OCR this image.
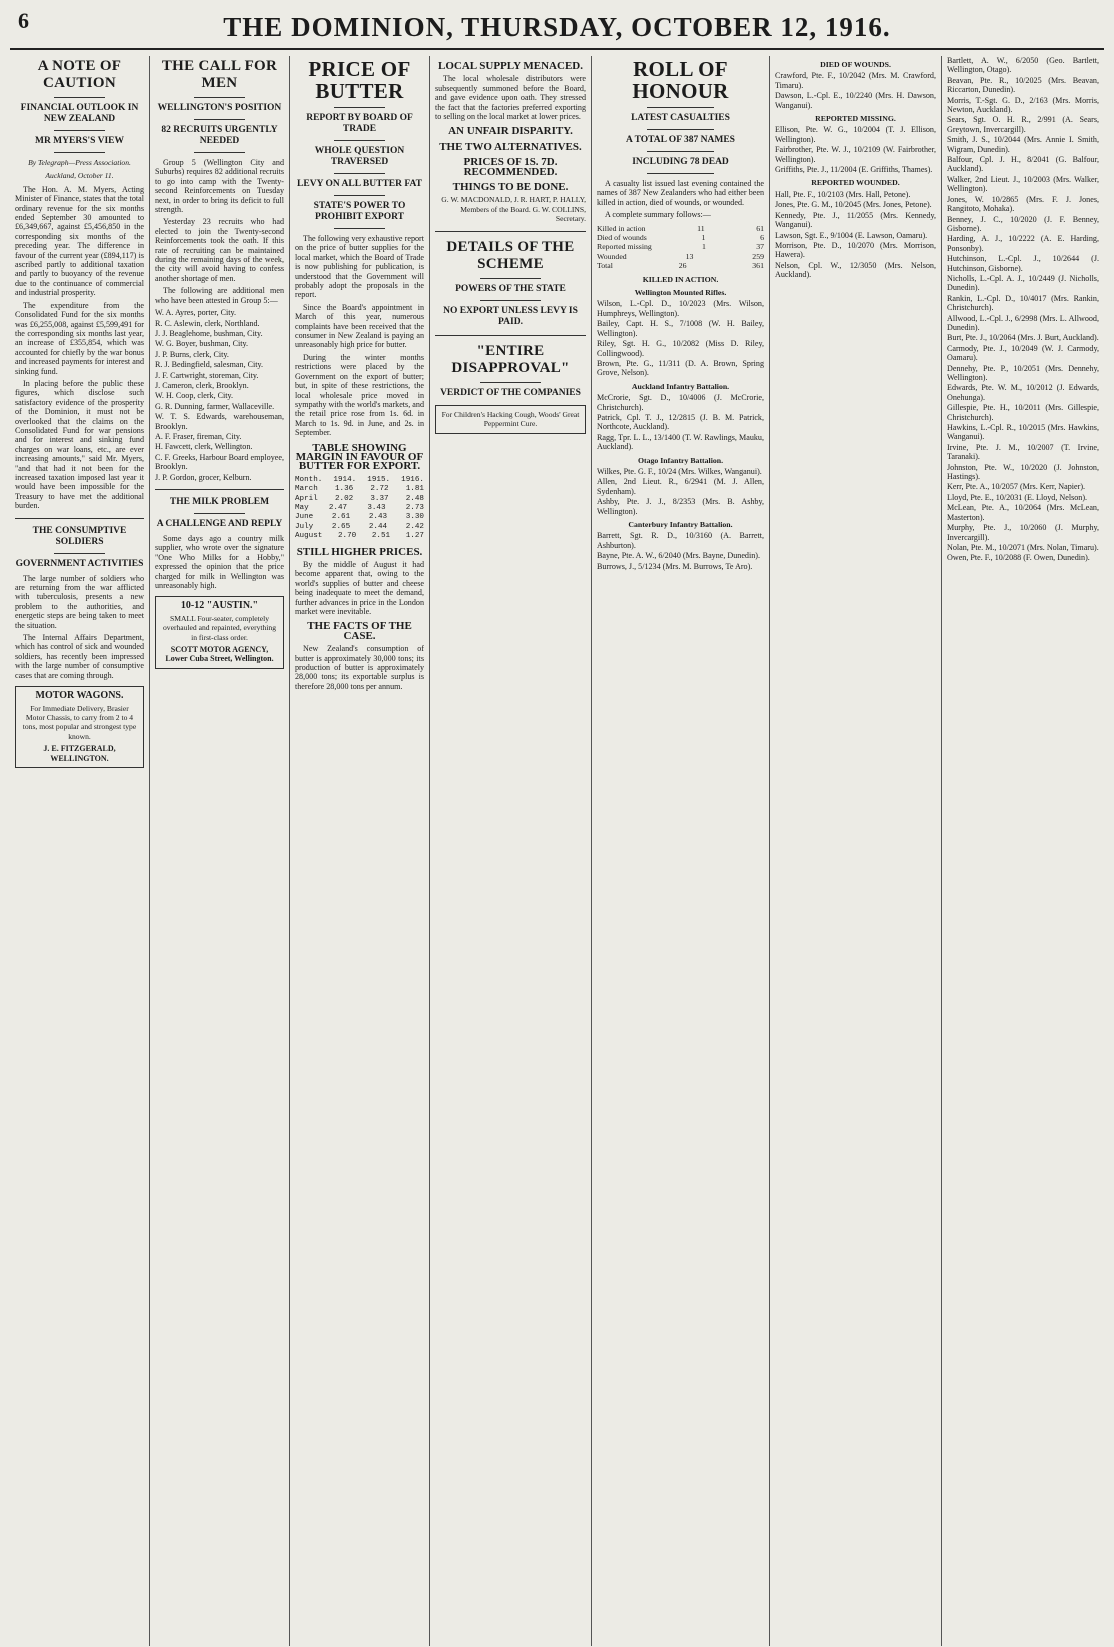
6	THE DOMINION, THURSDAY, OCTOBER 12, 1916.
A NOTE OF CAUTION
FINANCIAL OUTLOOK IN NEW ZEALAND
MR MYERS'S VIEW
By Telegraph—Press Association.
Auckland, October 11.

The Hon. A. M. Myers, Acting Minister of Finance, states that the total ordinary revenue for the six months ended September 30 amounted to £6,349,667, against £5,456,850 in the corresponding six months of the preceding year. The difference in favour of the current year (£894,117) is ascribed partly to additional taxation and partly to buoyancy of the revenue due to the continuance of commercial and industrial prosperity.

The expenditure from the Consolidated Fund for the six months was £6,255,008, against £5,599,491 for the corresponding six months last year, an increase of £355,854, which was accounted for chiefly by the war bonus and increased payments for interest and sinking fund.

In placing before the public these figures, which disclose such satisfactory evidence of the prosperity of the Dominion, it must not be overlooked that the claims on the Consolidated Fund for war pensions and for interest and sinking fund charges on war loans, etc., are ever increasing amounts," said Mr. Myers, "and that had it not been for the increased taxation imposed last year it would have been impossible for the Treasury to have met the additional burden.

THE CONSUMPTIVE SOLDIERS
GOVERNMENT ACTIVITIES

The large number of soldiers who are returning from the war afflicted with tuberculosis, presents a new problem to the authorities, and energetic steps are being taken to meet the situation.

The Internal Affairs Department, which has control of sick and wounded soldiers, has recently been impressed with the large number of consumptive cases that are coming through.

MOTOR WAGONS.
For Immediate Delivery, Brasier Motor Chassis, to carry from 2 to 4 tons, most popular and strongest type known.
J. E. FITZGERALD, WELLINGTON.
THE CALL FOR MEN
WELLINGTON'S POSITION
82 RECRUITS URGENTLY NEEDED

Group 5 (Wellington City and Suburbs) requires 82 additional recruits to go into camp with the Twenty-second Reinforcements on Tuesday next, in order to bring its deficit to full strength.

Yesterday 23 recruits who had elected to join the Twenty-second Reinforcements took the oath. If this rate of recruiting can be maintained during the remaining days of the week, the city will avoid having to confess another shortage of men.

The following are additional men who have been attested in Group 5:—

W. A. Ayres, porter, City.

R. C. Aslewin, clerk, Northland.

J. J. Beaglehome, bushman, City.

W. G. Boyer, bushman, City.

J. P. Burns, clerk, City.

R. J. Bedingfield, salesman, City.

J. F. Cartwright, storeman, City.

J. Cameron, clerk, Brooklyn.

W. H. Coop, clerk, City.

G. R. Dunning, farmer, Wallaceville.

W. T. S. Edwards, warehouseman, Brooklyn.

A. F. Fraser, fireman, City.

H. Fawcett, clerk, Wellington.

C. F. Greeks, Harbour Board employee, Brooklyn.

J. P. Gordon, grocer, Kelburn.

THE MILK PROBLEM
A CHALLENGE AND REPLY

Some days ago a country milk supplier, who wrote over the signature "One Who Milks for a Hobby," expressed the opinion that the price charged for milk in Wellington was unreasonably high.

10-12 "AUSTIN."
SMALL Four-seater, completely overhauled and repainted, everything in first-class order.
SCOTT MOTOR AGENCY, Lower Cuba Street, Wellington.
PRICE OF BUTTER
REPORT BY BOARD OF TRADE
WHOLE QUESTION TRAVERSED
LEVY ON ALL BUTTER FAT
STATE'S POWER TO PROHIBIT EXPORT

The following very exhaustive report on the price of butter supplies for the local market, which the Board of Trade is now publishing for publication, is understood that the Government will probably adopt the proposals in the report.

Since the Board's appointment in March of this year, numerous complaints have been received that the consumer in New Zealand is paying an unreasonably high price for butter.

During the winter months restrictions were placed by the Government on the export of butter; but, in spite of these restrictions, the local wholesale price moved in sympathy with the world's markets, and the retail price rose from 1s. 6d. in March to 1s. 9d. in June, and 2s. in September.

TABLE SHOWING MARGIN IN FAVOUR OF BUTTER FOR EXPORT.
Month. 1914. 1915. 1916.
March 1.36 2.72 1.81
April 2.02 3.37 2.48
May	2.47	3.43	2.73
June 2.61 2.43 3.30
July 2.65 2.44 2.42
August 2.70 2.51 1.27
STILL HIGHER PRICES.

By the middle of August it had become apparent that, owing to the world's supplies of butter and cheese being inadequate to meet the demand, further advances in price in the London market were inevitable.

THE FACTS OF THE CASE.

New Zealand's consumption of butter is approximately 30,000 tons; its production of butter is approximately 28,000 tons; its exportable surplus is therefore 28,000 tons per annum.

LOCAL SUPPLY MENACED.

The local wholesale distributors were subsequently summoned before the Board, and gave evidence upon oath. They stressed the fact that the factories preferred exporting to selling on the local market at lower prices.

AN UNFAIR DISPARITY.
THE TWO ALTERNATIVES.
PRICES OF 1S. 7D. RECOMMENDED.
THINGS TO BE DONE.
G. W. MACDONALD, J. R. HART, P. HALLY, Members of the Board. G. W. COLLINS, Secretary.
DETAILS OF THE SCHEME
POWERS OF THE STATE
NO EXPORT UNLESS LEVY IS PAID.
"ENTIRE DISAPPROVAL"
VERDICT OF THE COMPANIES
For Children's Hacking Cough, Woods' Great Peppermint Cure.
ROLL OF HONOUR
LATEST CASUALTIES
A TOTAL OF 387 NAMES
INCLUDING 78 DEAD

A casualty list issued last evening contained the names of 387 New Zealanders who had either been killed in action, died of wounds, or wounded.

A complete summary follows:—

Killed in action	11	61
Died of wounds	1	6
Reported missing	1	37
Wounded	13	259
Total	26	361
KILLED IN ACTION.
Wellington Mounted Rifles.

Wilson, L.-Cpl. D., 10/2023 (Mrs. Wilson, Humphreys, Wellington).

Bailey, Capt. H. S., 7/1008 (W. H. Bailey, Wellington).

Riley, Sgt. H. G., 10/2082 (Miss D. Riley, Collingwood).

Brown, Pte. G., 11/311 (D. A. Brown, Spring Grove, Nelson).

Auckland Infantry Battalion.

McCrorie, Sgt. D., 10/4006 (J. McCrorie, Christchurch).

Patrick, Cpl. T. J., 12/2815 (J. B. M. Patrick, Northcote, Auckland).

Ragg, Tpr. L. L., 13/1400 (T. W. Rawlings, Mauku, Auckland).

Otago Infantry Battalion.

Wilkes, Pte. G. F., 10/24 (Mrs. Wilkes, Wanganui).

Allen, 2nd Lieut. R., 6/2941 (M. J. Allen, Sydenham).

Ashby, Pte. J. J., 8/2353 (Mrs. B. Ashby, Wellington).

Canterbury Infantry Battalion.

Barrett, Sgt. R. D., 10/3160 (A. Barrett, Ashburton).

Bayne, Pte. A. W., 6/2040 (Mrs. Bayne, Dunedin).

Burrows, J., 5/1234 (Mrs. M. Burrows, Te Aro).

DIED OF WOUNDS.

Crawford, Pte. F., 10/2042 (Mrs. M. Crawford, Timaru).

Dawson, L.-Cpl. E., 10/2240 (Mrs. H. Dawson, Wanganui).

REPORTED MISSING.

Ellison, Pte. W. G., 10/2004 (T. J. Ellison, Wellington).

Fairbrother, Pte. W. J., 10/2109 (W. Fairbrother, Wellington).

Griffiths, Pte. J., 11/2004 (E. Griffiths, Thames).

REPORTED WOUNDED.

Hall, Pte. F., 10/2103 (Mrs. Hall, Petone).

Jones, Pte. G. M., 10/2045 (Mrs. Jones, Petone).

Kennedy, Pte. J., 11/2055 (Mrs. Kennedy, Wanganui).

Lawson, Sgt. E., 9/1004 (E. Lawson, Oamaru).

Morrison, Pte. D., 10/2070 (Mrs. Morrison, Hawera).

Nelson, Cpl. W., 12/3050 (Mrs. Nelson, Auckland).

Bartlett, A. W., 6/2050 (Geo. Bartlett, Wellington, Otago).

Beavan, Pte. R., 10/2025 (Mrs. Beavan, Riccarton, Dunedin).

Morris, T.-Sgt. G. D., 2/163 (Mrs. Morris, Newton, Auckland).

Sears, Sgt. O. H. R., 2/991 (A. Sears, Greytown, Invercargill).

Smith, J. S., 10/2044 (Mrs. Annie I. Smith, Wigram, Dunedin).

Balfour, Cpl. J. H., 8/2041 (G. Balfour, Auckland).

Walker, 2nd Lieut. J., 10/2003 (Mrs. Walker, Wellington).

Jones, W. 10/2865 (Mrs. F. J. Jones, Rangitoto, Mohaka).

Benney, J. C., 10/2020 (J. F. Benney, Gisborne).

Harding, A. J., 10/2222 (A. E. Harding, Ponsonby).

Hutchinson, L.-Cpl. J., 10/2644 (J. Hutchinson, Gisborne).

Nicholls, L.-Cpl. A. J., 10/2449 (J. Nicholls, Dunedin).

Rankin, L.-Cpl. D., 10/4017 (Mrs. Rankin, Christchurch).

Allwood, L.-Cpl. J., 6/2998 (Mrs. L. Allwood, Dunedin).

Burt, Pte. J., 10/2064 (Mrs. J. Burt, Auckland).

Carmody, Pte. J., 10/2049 (W. J. Carmody, Oamaru).

Dennehy, Pte. P., 10/2051 (Mrs. Dennehy, Wellington).

Edwards, Pte. W. M., 10/2012 (J. Edwards, Onehunga).

Gillespie, Pte. H., 10/2011 (Mrs. Gillespie, Christchurch).

Hawkins, L.-Cpl. R., 10/2015 (Mrs. Hawkins, Wanganui).

Irvine, Pte. J. M., 10/2007 (T. Irvine, Taranaki).

Johnston, Pte. W., 10/2020 (J. Johnston, Hastings).

Kerr, Pte. A., 10/2057 (Mrs. Kerr, Napier).

Lloyd, Pte. E., 10/2031 (E. Lloyd, Nelson).

McLean, Pte. A., 10/2064 (Mrs. McLean, Masterton).

Murphy, Pte. J., 10/2060 (J. Murphy, Invercargill).

Nolan, Pte. M., 10/2071 (Mrs. Nolan, Timaru).

Owen, Pte. F., 10/2088 (F. Owen, Dunedin).
